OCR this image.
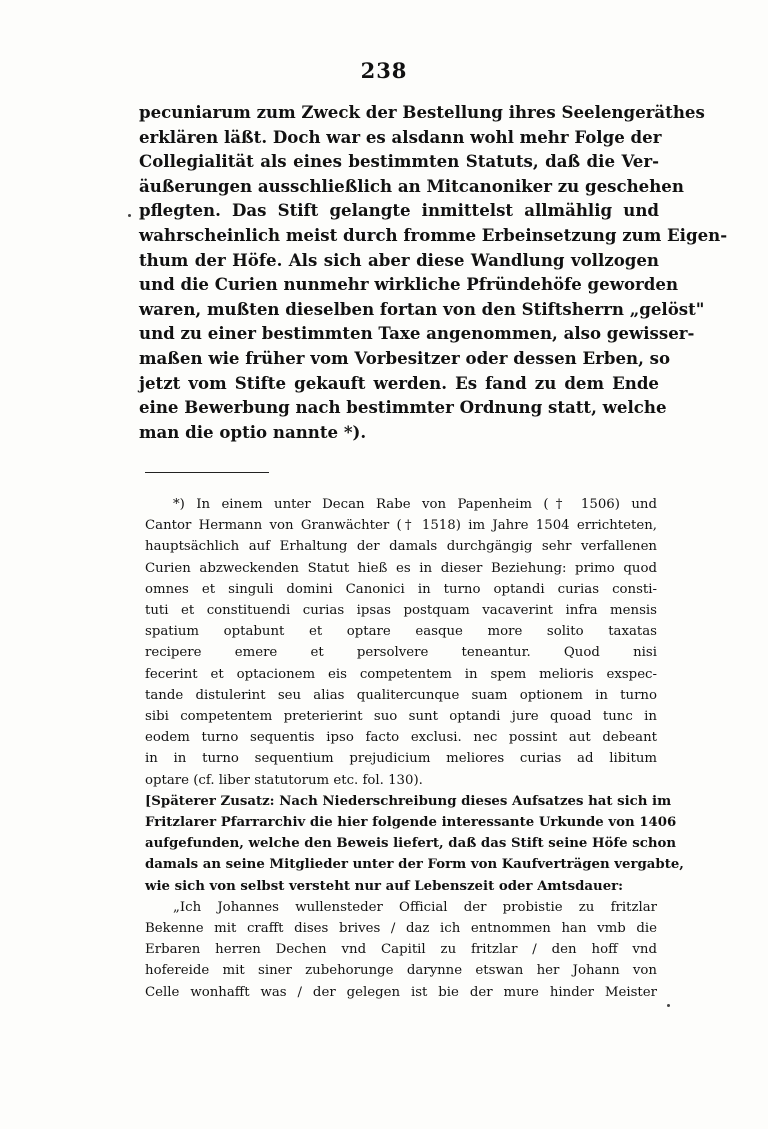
238
pecuniarum zum Zweck der Bestellung ihres Seelengeräthes
erklären läßt. Doch war es alsdann wohl mehr Folge der
Collegialität als eines bestimmten Statuts, daß die Ver-
äußerungen ausschließlich an Mitcanoniker zu geschehen
pflegten. Das Stift gelangte inmittelst allmählig und
wahrscheinlich meist durch fromme Erbeinsetzung zum Eigen-
thum der Höfe. Als sich aber diese Wandlung vollzogen
und die Curien nunmehr wirkliche Pfründehöfe geworden
waren, mußten dieselben fortan von den Stiftsherrn „gelöst"
und zu einer bestimmten Taxe angenommen, also gewisser-
maßen wie früher vom Vorbesitzer oder dessen Erben, so
jetzt vom Stifte gekauft werden. Es fand zu dem Ende
eine Bewerbung nach bestimmter Ordnung statt, welche
man die optio nannte *).
*) In einem unter Decan Rabe von Papenheim († 1506) und
Cantor Hermann von Granwächter († 1518) im Jahre 1504 errichteten,
hauptsächlich auf Erhaltung der damals durchgängig sehr verfallenen
Curien abzweckenden Statut hieß es in dieser Beziehung: primo quod
omnes et singuli domini Canonici in turno optandi curias consti-
tuti et constituendi curias ipsas postquam vacaverint infra mensis
spatium optabunt et optare easque more solito taxatas
recipere emere et persolvere teneantur. Quod nisi
fecerint et optacionem eis competentem in spem melioris exspec-
tande distulerint seu alias qualitercunque suam optionem in turno
sibi competentem preterierint suo sunt optandi jure quoad tunc in
eodem turno sequentis ipso facto exclusi. nec possint aut debeant
in in turno sequentium prejudicium meliores curias ad libitum
optare (cf. liber statutorum etc. fol. 130).
[Späterer Zusatz: Nach Niederschreibung dieses Aufsatzes hat sich im
Fritzlarer Pfarrarchiv die hier folgende interessante Urkunde von 1406
aufgefunden, welche den Beweis liefert, daß das Stift seine Höfe schon
damals an seine Mitglieder unter der Form von Kaufverträgen vergabte,
wie sich von selbst versteht nur auf Lebenszeit oder Amtsdauer:
„Ich Johannes wullensteder Official der probistie zu fritzlar
Bekenne mit crafft dises brives / daz ich entnommen han vmb die
Erbaren herren Dechen vnd Capitil zu fritzlar / den hoff vnd
hofereide mit siner zubehorunge darynne etswan her Johann von
Celle wonhafft was / der gelegen ist bie der mure hinder Meister
